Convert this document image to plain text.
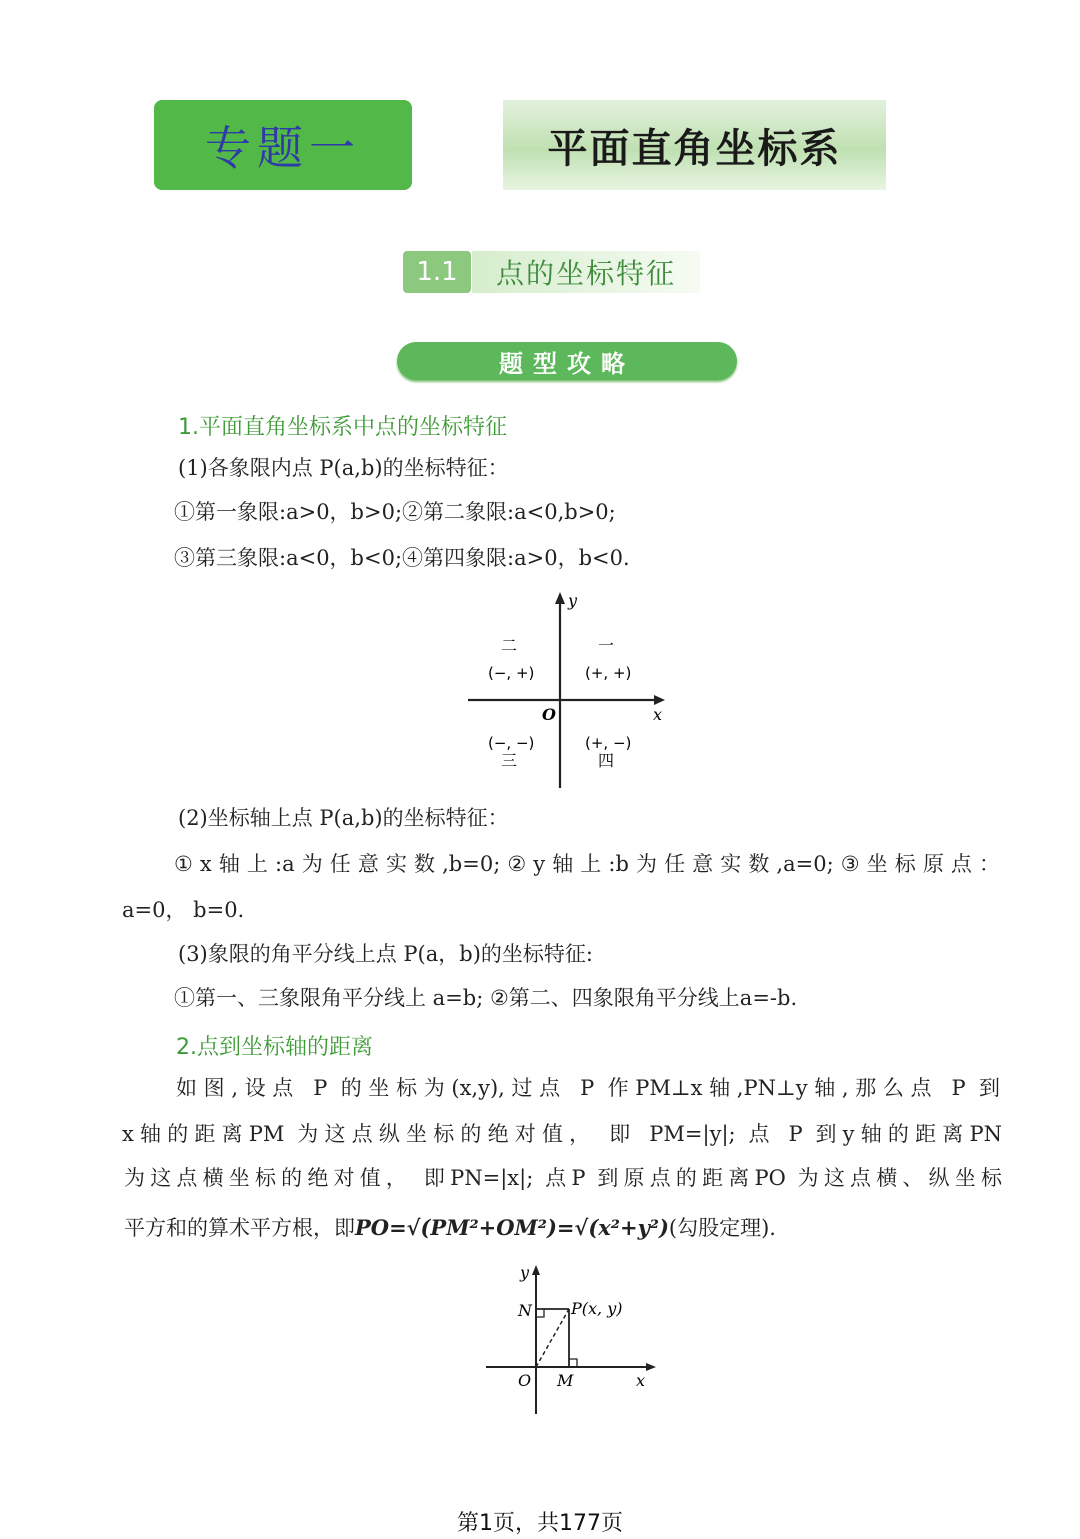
专题一	平面直角坐标系
1.1	点的坐标特征
题型攻略
1.平面直角坐标系中点的坐标特征
(1)各象限内点 P(a,b)的坐标特征：
①第一象限:a>0，b>0;②第二象限:a<0,b>0;
③第三象限:a<0，b<0;④第四象限:a>0，b<0.
y
x
O
二
(−, +)
一
(+, +)
(−, −)
三
(+, −)
四
(2)坐标轴上点 P(a,b)的坐标特征：
①x轴上:a为任意实数,b=0;②y轴上:b为任意实数,a=0;③坐标原点：
a=0， b=0.
(3)象限的角平分线上点 P(a，b)的坐标特征:
①第一、三象限角平分线上 a=b; ②第二、四象限角平分线上a=-b.
2.点到坐标轴的距离
如图,设点 P 的坐标为(x,y),过点 P 作PM⊥x轴,PN⊥y轴,那么点 P 到
x轴的距离PM 为这点纵坐标的绝对值， 即 PM=|y|; 点 P 到y轴的距离PN
为这点横坐标的绝对值， 即PN=|x|; 点P 到原点的距离PO 为这点横、纵坐标
平方和的算术平方根，即PO=√(PM²+OM²)=√(x²+y²)(勾股定理).
y
x
N P(x, y)
O M
第1页，共177页
